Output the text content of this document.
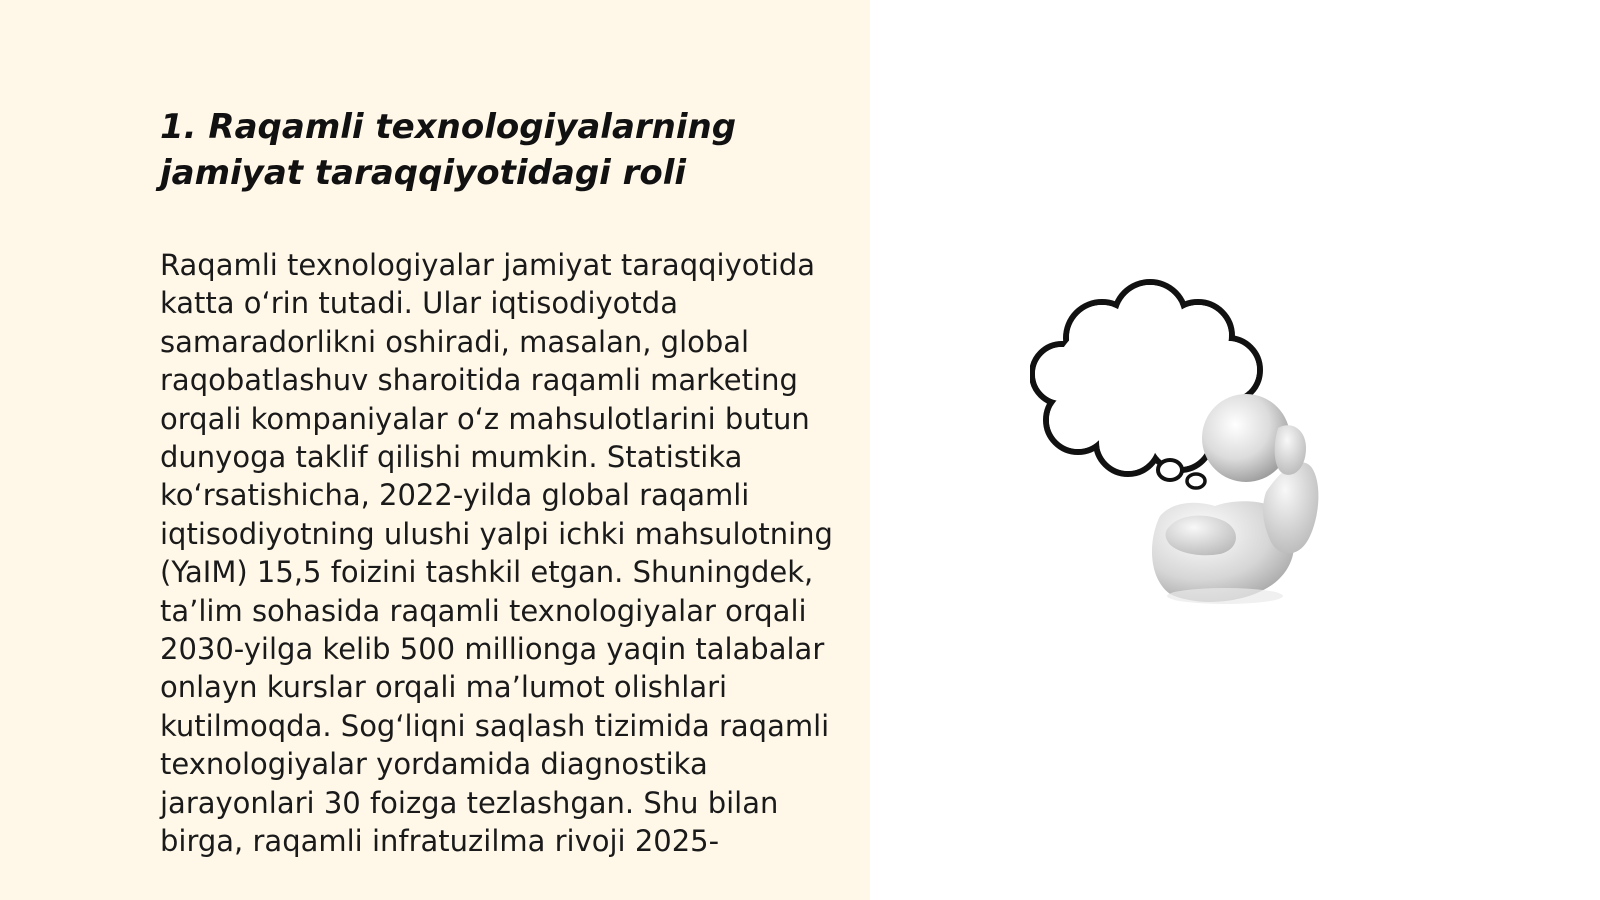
1. Raqamli texnologiyalarning jamiyat taraqqiyotidagi roli

Raqamli texnologiyalar jamiyat taraqqiyotida katta o‘rin tutadi. Ular iqtisodiyotda samaradorlikni oshiradi, masalan, global raqobatlashuv sharoitida raqamli marketing orqali kompaniyalar o‘z mahsulotlarini butun dunyoga taklif qilishi mumkin. Statistika ko‘rsatishicha, 2022-yilda global raqamli iqtisodiyotning ulushi yalpi ichki mahsulotning (YaIM) 15,5 foizini tashkil etgan. Shuningdek, ta’lim sohasida raqamli texnologiyalar orqali 2030-yilga kelib 500 millionga yaqin talabalar onlayn kurslar orqali ma’lumot olishlari kutilmoqda. Sog‘liqni saqlash tizimida raqamli texnologiyalar yordamida diagnostika jarayonlari 30 foizga tezlashgan. Shu bilan birga, raqamli infratuzilma rivoji 2025-
